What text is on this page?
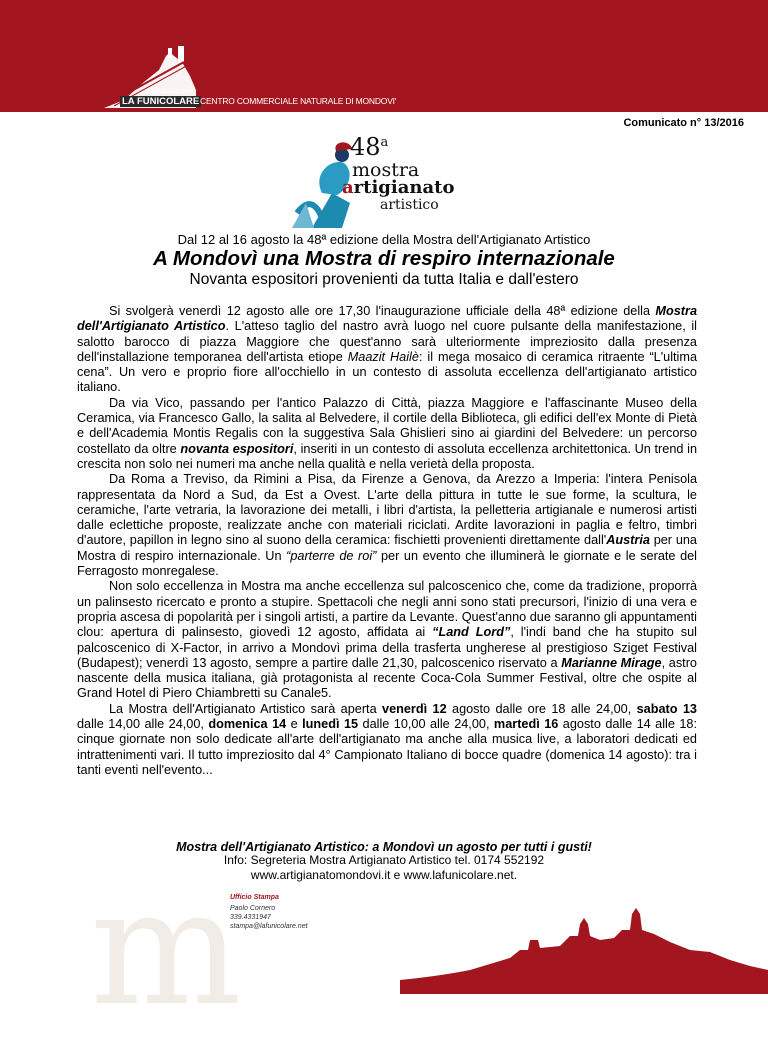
ASSOCIAZIONE
LA FUNICOLARE CENTRO COMMERCIALE NATURALE DI MONDOVI'
Comunicato n° 13/2016
48$^a$
mostra
artigianato
artistico
Dal 12 al 16 agosto la 48ª edizione della Mostra dell'Artigianato Artistico
A Mondovì una Mostra di respiro internazionale
Novanta espositori provenienti da tutta Italia e dall'estero

Si svolgerà venerdì 12 agosto alle ore 17,30 l'inaugurazione ufficiale della 48ª edizione della Mostra dell'Artigianato Artistico. L'atteso taglio del nastro avrà luogo nel cuore pulsante della manifestazione, il salotto barocco di piazza Maggiore che quest'anno sarà ulteriormente impreziosito dalla presenza dell'installazione temporanea dell'artista etiope Maazit Hailè: il mega mosaico di ceramica ritraente “L'ultima cena”. Un vero e proprio fiore all'occhiello in un contesto di assoluta eccellenza dell'artigianato artistico italiano.

Da via Vico, passando per l'antico Palazzo di Città, piazza Maggiore e l'affascinante Museo della Ceramica, via Francesco Gallo, la salita al Belvedere, il cortile della Biblioteca, gli edifici dell'ex Monte di Pietà e dell'Academia Montis Regalis con la suggestiva Sala Ghislieri sino ai giardini del Belvedere: un percorso costellato da oltre novanta espositori, inseriti in un contesto di assoluta eccellenza architettonica. Un trend in crescita non solo nei numeri ma anche nella qualità e nella verietà della proposta.

Da Roma a Treviso, da Rimini a Pisa, da Firenze a Genova, da Arezzo a Imperia: l'intera Penisola rappresentata da Nord a Sud, da Est a Ovest. L'arte della pittura in tutte le sue forme, la scultura, le ceramiche, l'arte vetraria, la lavorazione dei metalli, i libri d'artista, la pelletteria artigianale e numerosi artisti dalle eclettiche proposte, realizzate anche con materiali riciclati. Ardite lavorazioni in paglia e feltro, timbri d'autore, papillon in legno sino al suono della ceramica: fischietti provenienti direttamente dall'Austria per una Mostra di respiro internazionale. Un “parterre de roi” per un evento che illuminerà le giornate e le serate del Ferragosto monregalese.

Non solo eccellenza in Mostra ma anche eccellenza sul palcoscenico che, come da tradizione, proporrà un palinsesto ricercato e pronto a stupire. Spettacoli che negli anni sono stati precursori, l'inizio di una vera e propria ascesa di popolarità per i singoli artisti, a partire da Levante. Quest'anno due saranno gli appuntamenti clou: apertura di palinsesto, giovedì 12 agosto, affidata ai “Land Lord”, l'indi band che ha stupito sul palcoscenico di X-Factor, in arrivo a Mondovì prima della trasferta ungherese al prestigioso Sziget Festival (Budapest); venerdì 13 agosto, sempre a partire dalle 21,30, palcoscenico riservato a Marianne Mirage, astro nascente della musica italiana, già protagonista al recente Coca-Cola Summer Festival, oltre che ospite al Grand Hotel di Piero Chiambretti su Canale5.

La Mostra dell'Artigianato Artistico sarà aperta venerdì 12 agosto dalle ore 18 alle 24,00, sabato 13 dalle 14,00 alle 24,00, domenica 14 e lunedì 15 dalle 10,00 alle 24,00, martedì 16 agosto dalle 14 alle 18: cinque giornate non solo dedicate all'arte dell'artigianato ma anche alla musica live, a laboratori dedicati ed intrattenimenti vari. Il tutto impreziosito dal 4° Campionato Italiano di bocce quadre (domenica 14 agosto): tra i tanti eventi nell'evento...

Mostra dell'Artigianato Artistico: a Mondovì un agosto per tutti i gusti!
Info: Segreteria Mostra Artigianato Artistico tel. 0174 552192
www.artigianatomondovi.it e www.lafunicolare.net.
m
Ufficio Stampa
Paolo Cornero
339.4331947
stampa@lafunicolare.net
